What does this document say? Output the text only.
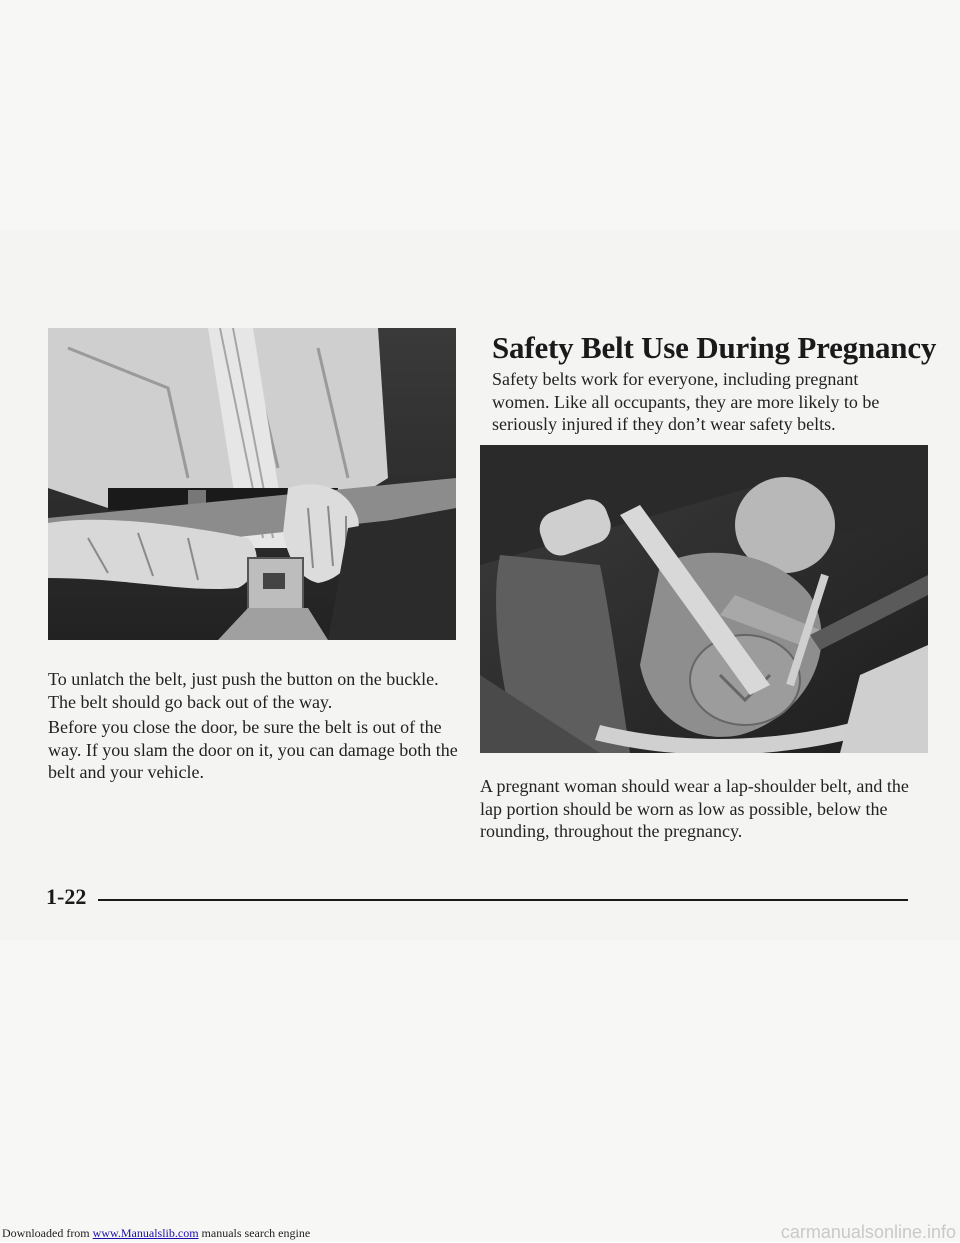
To unlatch the belt, just push the button on the buckle. The belt should go back out of the way.

Before you close the door, be sure the belt is out of the way. If you slam the door on it, you can damage both the belt and your vehicle.

Safety Belt Use During Pregnancy

Safety belts work for everyone, including pregnant women. Like all occupants, they are more likely to be seriously injured if they don’t wear safety belts.

A pregnant woman should wear a lap-shoulder belt, and the lap portion should be worn as low as possible, below the rounding, throughout the pregnancy.

1-22
Downloaded from www.Manualslib.com manuals search engine	carmanualsonline.info
